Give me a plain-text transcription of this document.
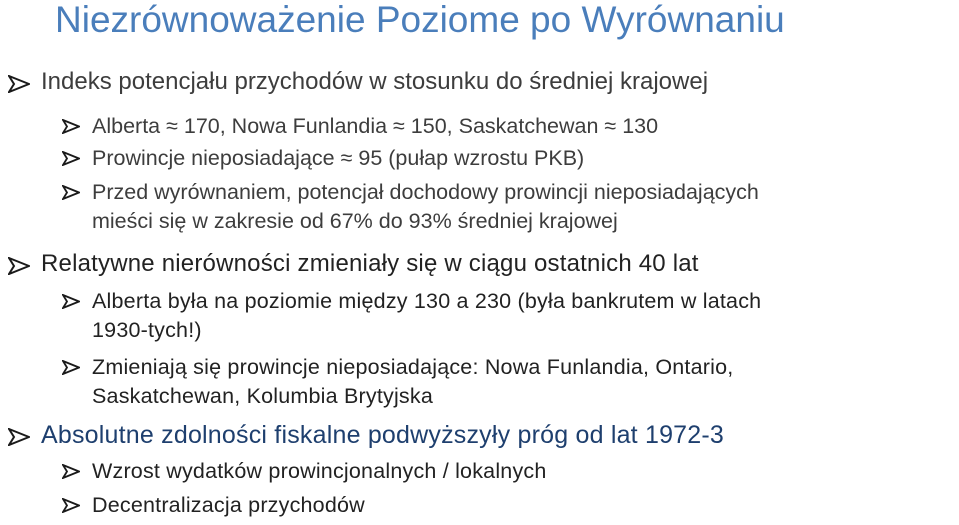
Niezrównoważenie Poziome po Wyrównaniu
Indeks potencjału przychodów w stosunku do średniej krajowej
Alberta ≈ 170, Nowa Funlandia ≈ 150, Saskatchewan ≈ 130
Prowincje nieposiadające ≈ 95 (pułap wzrostu PKB)
Przed wyrównaniem, potencjał dochodowy prowincji nieposiadających
mieści się w zakresie od 67% do 93% średniej krajowej
Relatywne nierówności zmieniały się w ciągu ostatnich 40 lat
Alberta była na poziomie między 130 a 230 (była bankrutem w latach
1930-tych!)
Zmieniają się prowincje nieposiadające: Nowa Funlandia, Ontario,
Saskatchewan, Kolumbia Brytyjska
Absolutne zdolności fiskalne podwyższyły próg od lat 1972-3
Wzrost wydatków prowincjonalnych / lokalnych
Decentralizacja przychodów
